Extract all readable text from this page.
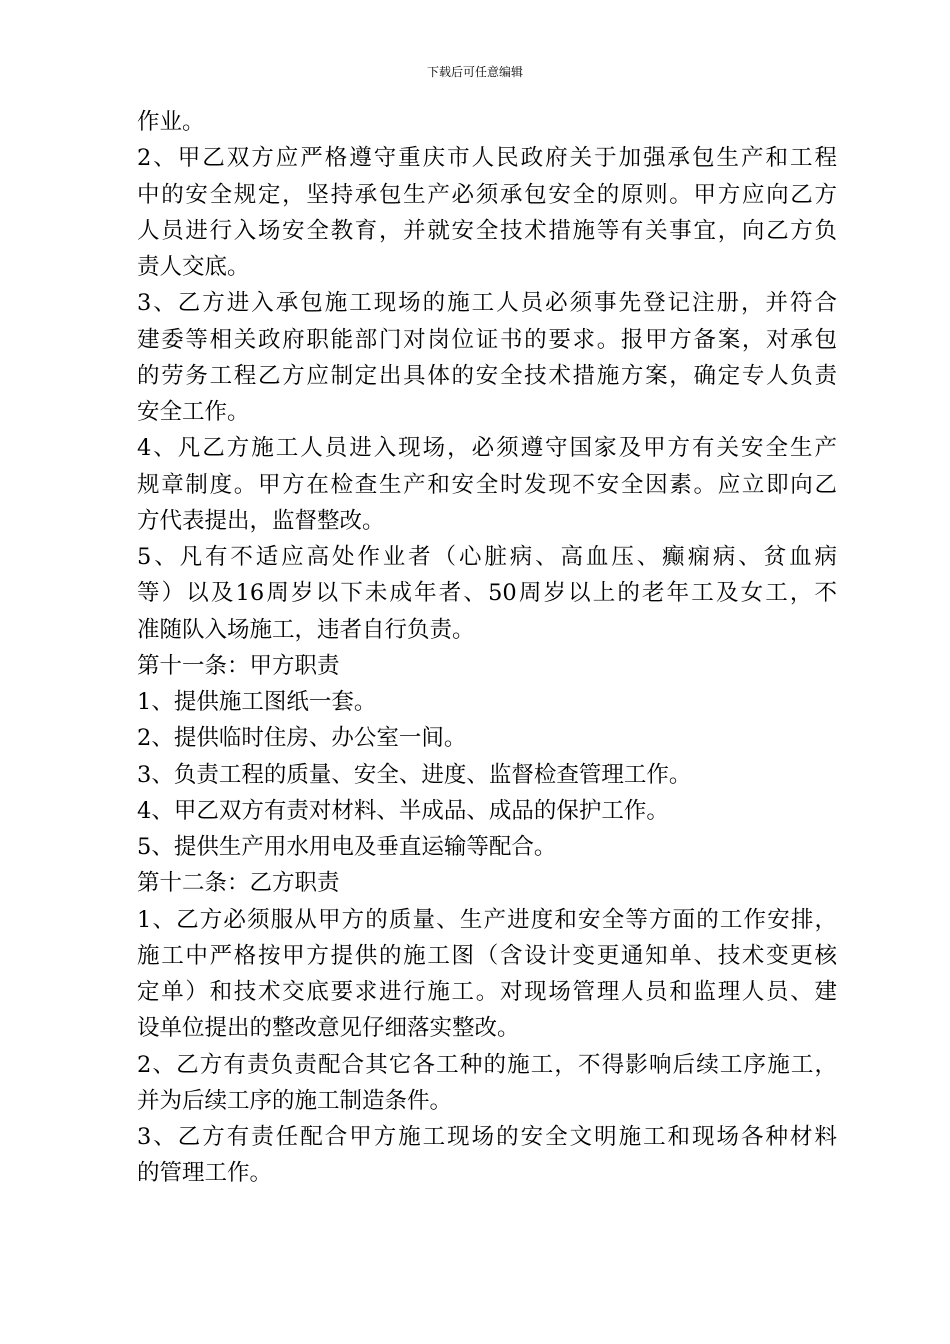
下载后可任意编辑
作业。
2、甲乙双方应严格遵守重庆市人民政府关于加强承包生产和工程
中的安全规定，坚持承包生产必须承包安全的原则。甲方应向乙方
人员进行入场安全教育，并就安全技术措施等有关事宜，向乙方负
责人交底。
3、乙方进入承包施工现场的施工人员必须事先登记注册，并符合
建委等相关政府职能部门对岗位证书的要求。报甲方备案，对承包
的劳务工程乙方应制定出具体的安全技术措施方案，确定专人负责
安全工作。
4、凡乙方施工人员进入现场，必须遵守国家及甲方有关安全生产
规章制度。甲方在检查生产和安全时发现不安全因素。应立即向乙
方代表提出，监督整改。
5、凡有不适应高处作业者（心脏病、高血压、癫痫病、贫血病
等）以及16周岁以下未成年者、50周岁以上的老年工及女工，不
准随队入场施工，违者自行负责。
第十一条：甲方职责
1、提供施工图纸一套。
2、提供临时住房、办公室一间。
3、负责工程的质量、安全、进度、监督检查管理工作。
4、甲乙双方有责对材料、半成品、成品的保护工作。
5、提供生产用水用电及垂直运输等配合。
第十二条：乙方职责
1、乙方必须服从甲方的质量、生产进度和安全等方面的工作安排，
施工中严格按甲方提供的施工图（含设计变更通知单、技术变更核
定单）和技术交底要求进行施工。对现场管理人员和监理人员、建
设单位提出的整改意见仔细落实整改。
2、乙方有责负责配合其它各工种的施工，不得影响后续工序施工，
并为后续工序的施工制造条件。
3、乙方有责任配合甲方施工现场的安全文明施工和现场各种材料
的管理工作。
